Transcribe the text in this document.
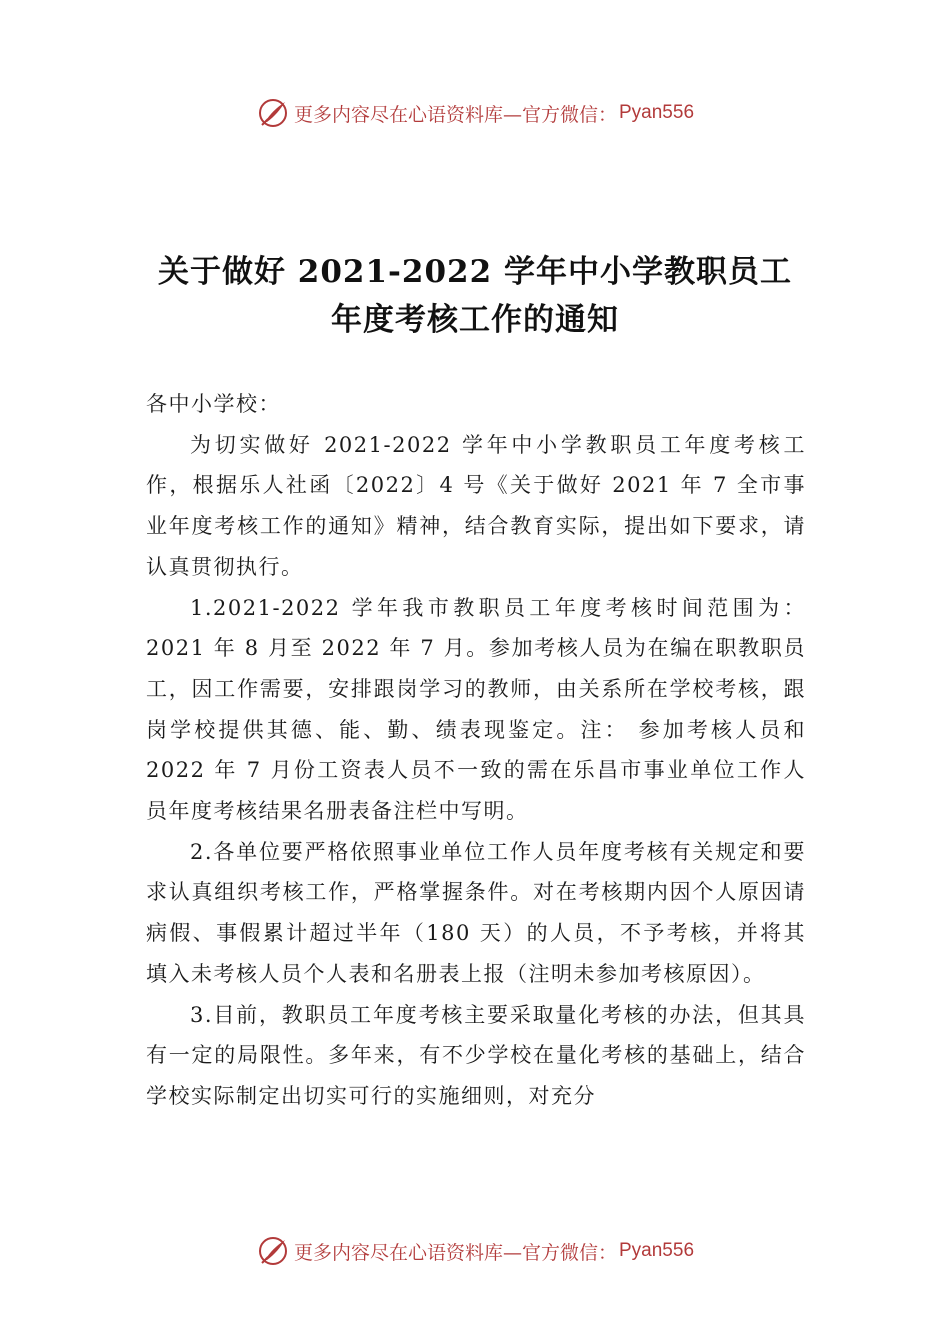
更多内容尽在心语资料库—官方微信： Pyan556
关于做好 2021-2022 学年中小学教职员工
年度考核工作的通知

各中小学校：

为切实做好 2021-2022 学年中小学教职员工年度考核工作，根据乐人社函〔2022〕4 号《关于做好 2021 年 7 全市事业年度考核工作的通知》精神，结合教育实际，提出如下要求，请认真贯彻执行。

1.2021-2022 学年我市教职员工年度考核时间范围为：2021 年 8 月至 2022 年 7 月。参加考核人员为在编在职教职员工，因工作需要，安排跟岗学习的教师，由关系所在学校考核，跟岗学校提供其德、能、勤、绩表现鉴定。注： 参加考核人员和 2022 年 7 月份工资表人员不一致的需在乐昌市事业单位工作人员年度考核结果名册表备注栏中写明。

2.各单位要严格依照事业单位工作人员年度考核有关规定和要求认真组织考核工作，严格掌握条件。对在考核期内因个人原因请病假、事假累计超过半年（180 天）的人员，不予考核，并将其填入未考核人员个人表和名册表上报（注明未参加考核原因）。

3.目前，教职员工年度考核主要采取量化考核的办法，但其具有一定的局限性。多年来，有不少学校在量化考核的基础上，结合学校实际制定出切实可行的实施细则，对充分

更多内容尽在心语资料库—官方微信： Pyan556
